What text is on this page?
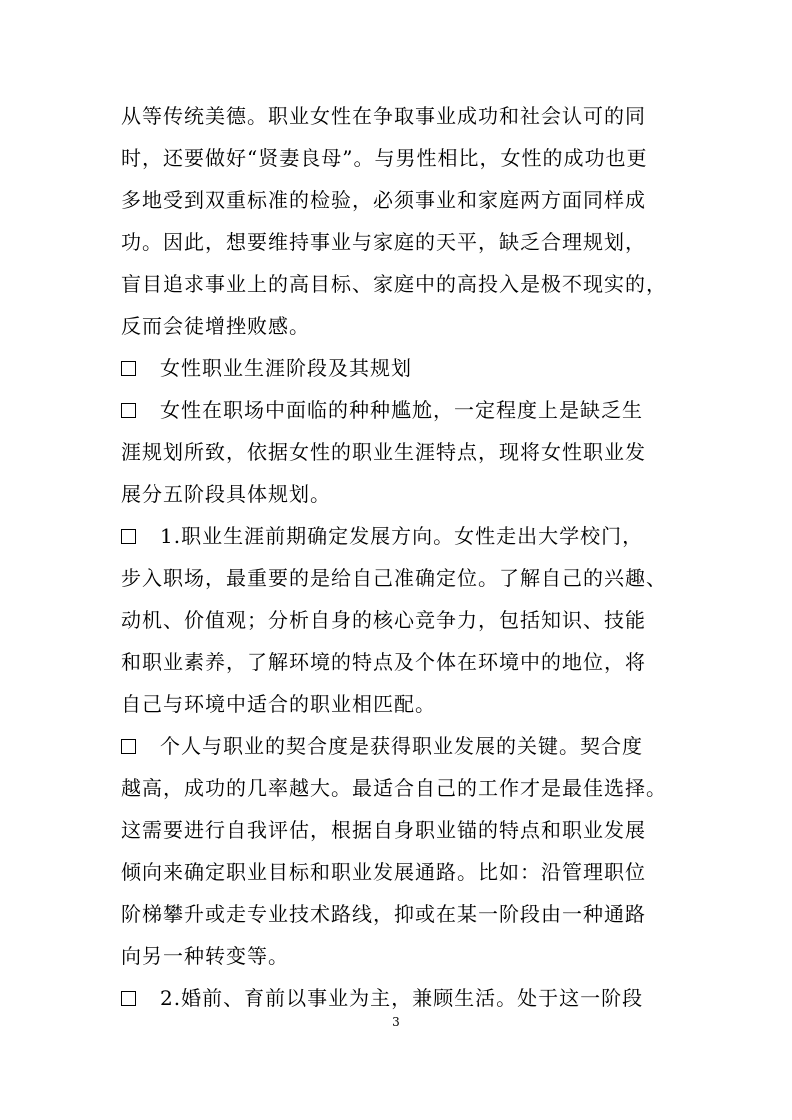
从等传统美德。职业女性在争取事业成功和社会认可的同
时，还要做好“贤妻良母”。与男性相比，女性的成功也更
多地受到双重标准的检验，必须事业和家庭两方面同样成
功。因此，想要维持事业与家庭的天平，缺乏合理规划，
盲目追求事业上的高目标、家庭中的高投入是极不现实的，
反而会徒增挫败感。
女性职业生涯阶段及其规划
女性在职场中面临的种种尴尬，一定程度上是缺乏生
涯规划所致，依据女性的职业生涯特点，现将女性职业发
展分五阶段具体规划。
1.职业生涯前期确定发展方向。女性走出大学校门，
步入职场，最重要的是给自己准确定位。了解自己的兴趣、
动机、价值观；分析自身的核心竞争力，包括知识、技能
和职业素养，了解环境的特点及个体在环境中的地位，将
自己与环境中适合的职业相匹配。
个人与职业的契合度是获得职业发展的关键。契合度
越高，成功的几率越大。最适合自己的工作才是最佳选择。
这需要进行自我评估，根据自身职业锚的特点和职业发展
倾向来确定职业目标和职业发展通路。比如：沿管理职位
阶梯攀升或走专业技术路线，抑或在某一阶段由一种通路
向另一种转变等。
2.婚前、育前以事业为主，兼顾生活。处于这一阶段
3
